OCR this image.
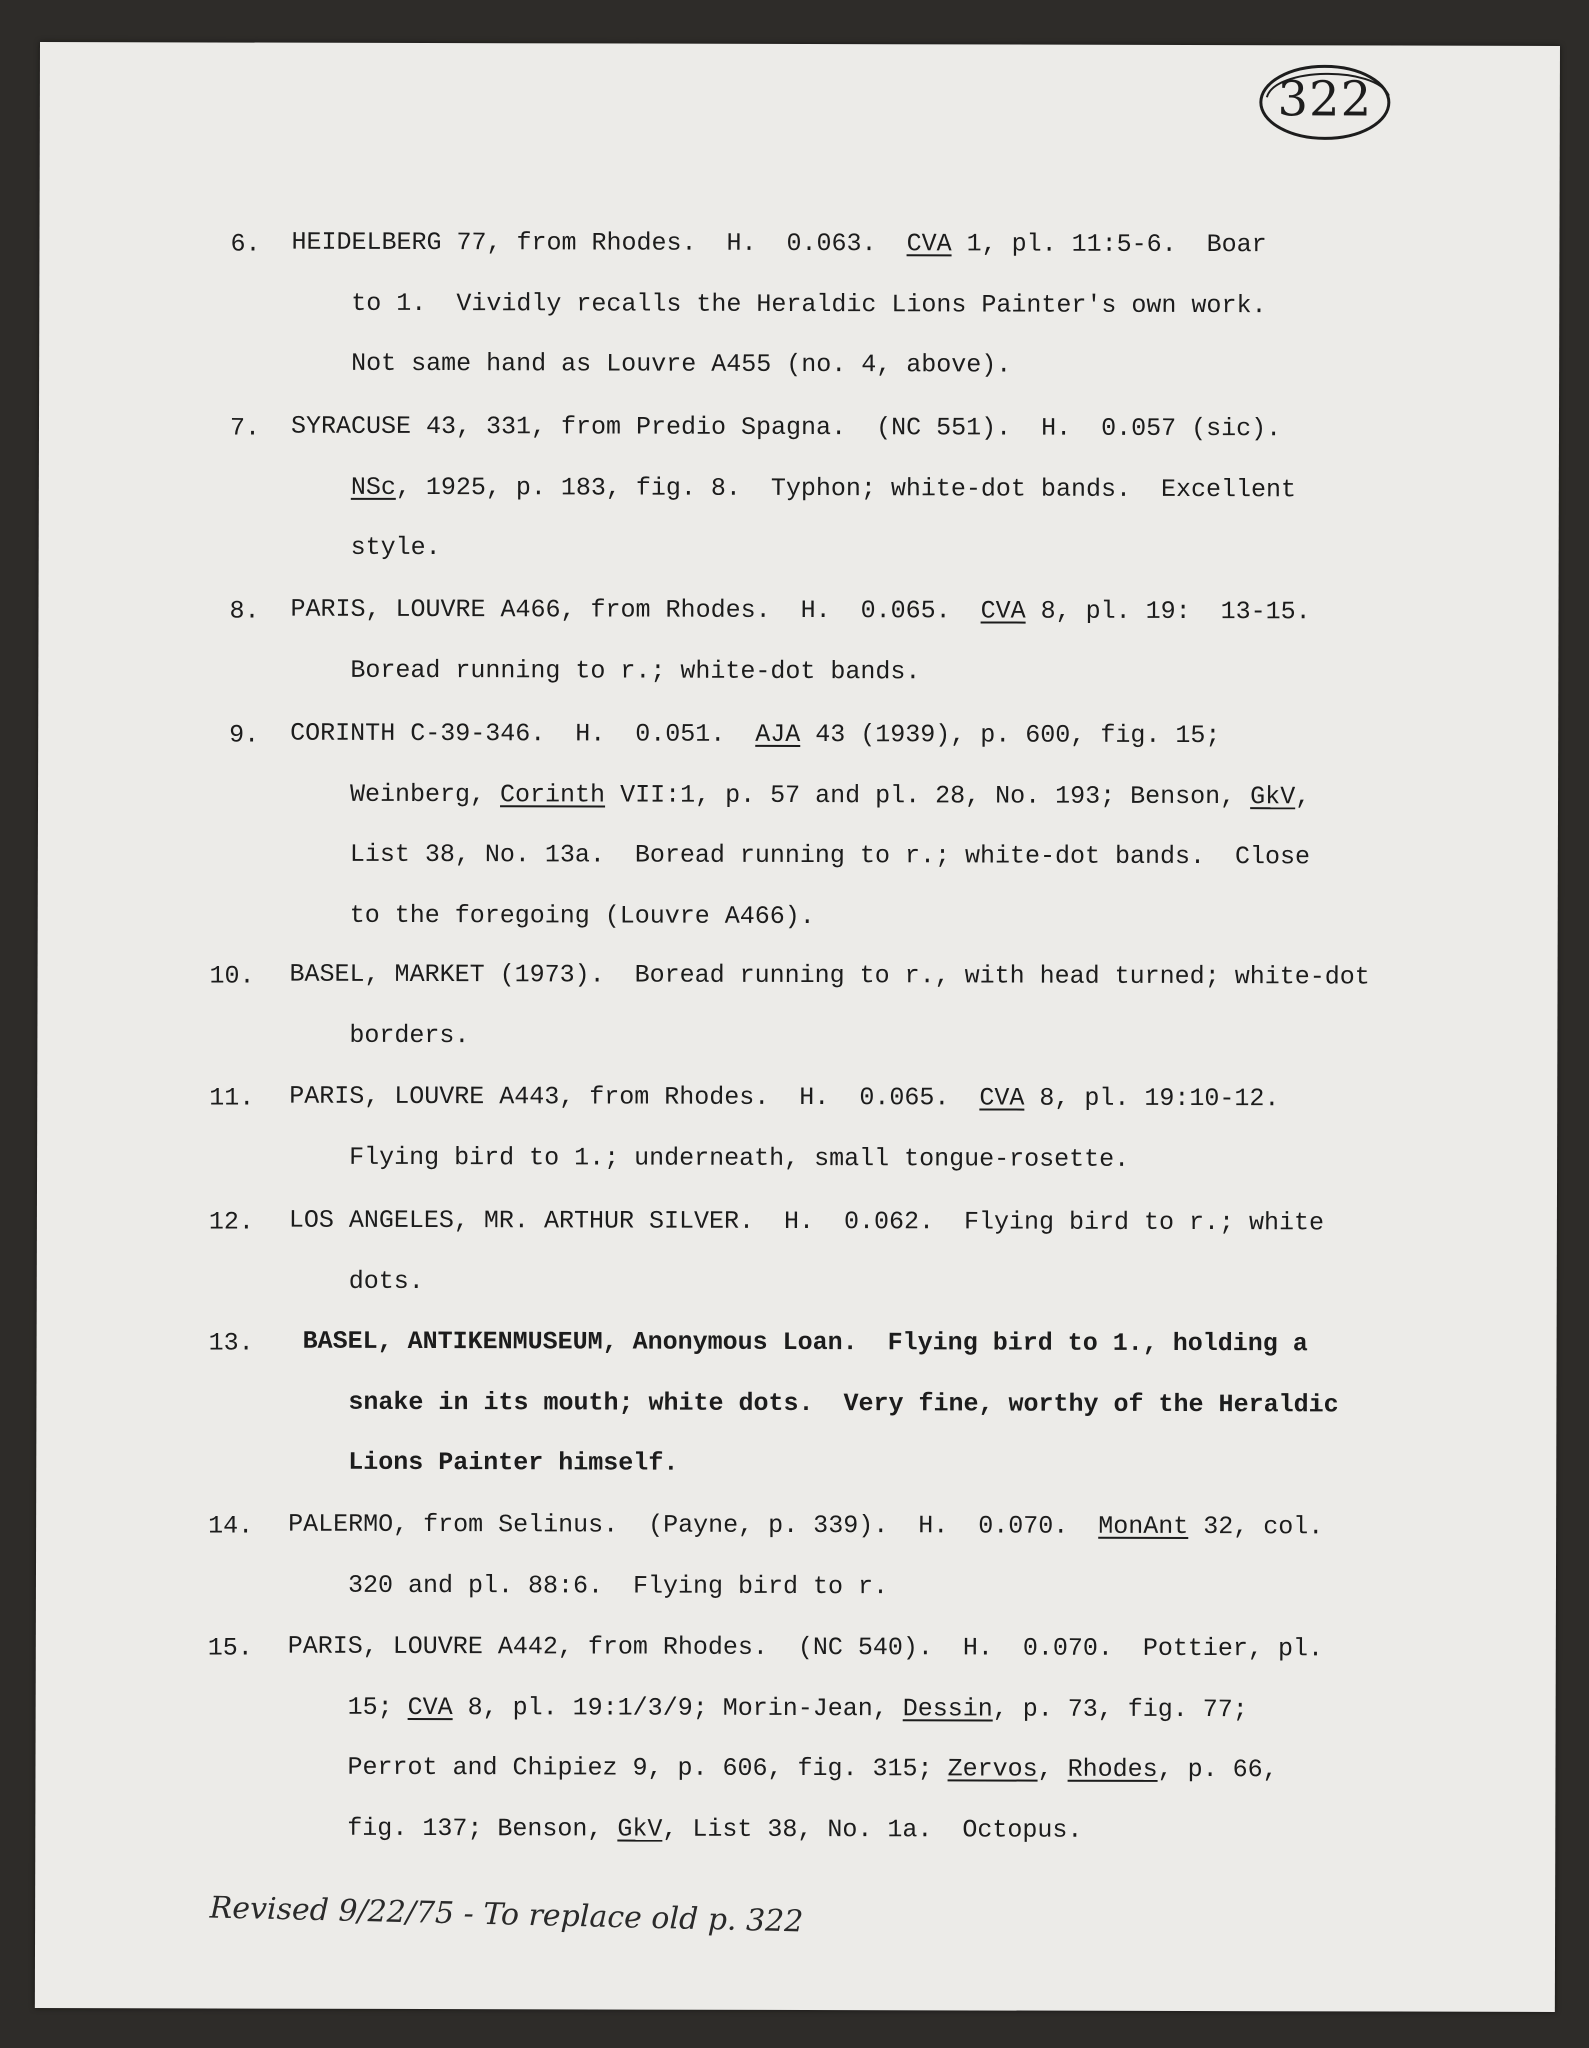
322
6. HEIDELBERG 77, from Rhodes.  H.  0.063.  CVA 1, pl. 11:5-6.  Boar
to 1.  Vividly recalls the Heraldic Lions Painter's own work.
Not same hand as Louvre A455 (no. 4, above).
7. SYRACUSE 43, 331, from Predio Spagna.  (NC 551).  H.  0.057 (sic).
NSc, 1925, p. 183, fig. 8.  Typhon; white-dot bands.  Excellent
style.
8. PARIS, LOUVRE A466, from Rhodes.  H.  0.065.  CVA 8, pl. 19:  13-15.
Boread running to r.; white-dot bands.
9. CORINTH C-39-346.  H.  0.051.  AJA 43 (1939), p. 600, fig. 15;
Weinberg, Corinth VII:1, p. 57 and pl. 28, No. 193; Benson, GkV,
List 38, No. 13a.  Boread running to r.; white-dot bands.  Close
to the foregoing (Louvre A466).
10. BASEL, MARKET (1973).  Boread running to r., with head turned; white-dot
borders.
11. PARIS, LOUVRE A443, from Rhodes.  H.  0.065.  CVA 8, pl. 19:10-12.
Flying bird to 1.; underneath, small tongue-rosette.
12. LOS ANGELES, MR. ARTHUR SILVER.  H.  0.062.  Flying bird to r.; white
dots.
13. BASEL, ANTIKENMUSEUM, Anonymous Loan.  Flying bird to 1., holding a
snake in its mouth; white dots.  Very fine, worthy of the Heraldic
Lions Painter himself.
14. PALERMO, from Selinus.  (Payne, p. 339).  H.  0.070.  MonAnt 32, col.
320 and pl. 88:6.  Flying bird to r.
15. PARIS, LOUVRE A442, from Rhodes.  (NC 540).  H.  0.070.  Pottier, pl.
15; CVA 8, pl. 19:1/3/9; Morin-Jean, Dessin, p. 73, fig. 77;
Perrot and Chipiez 9, p. 606, fig. 315; Zervos, Rhodes, p. 66,
fig. 137; Benson, GkV, List 38, No. 1a.  Octopus.
Revised 9/22/75 - To replace old p. 322
